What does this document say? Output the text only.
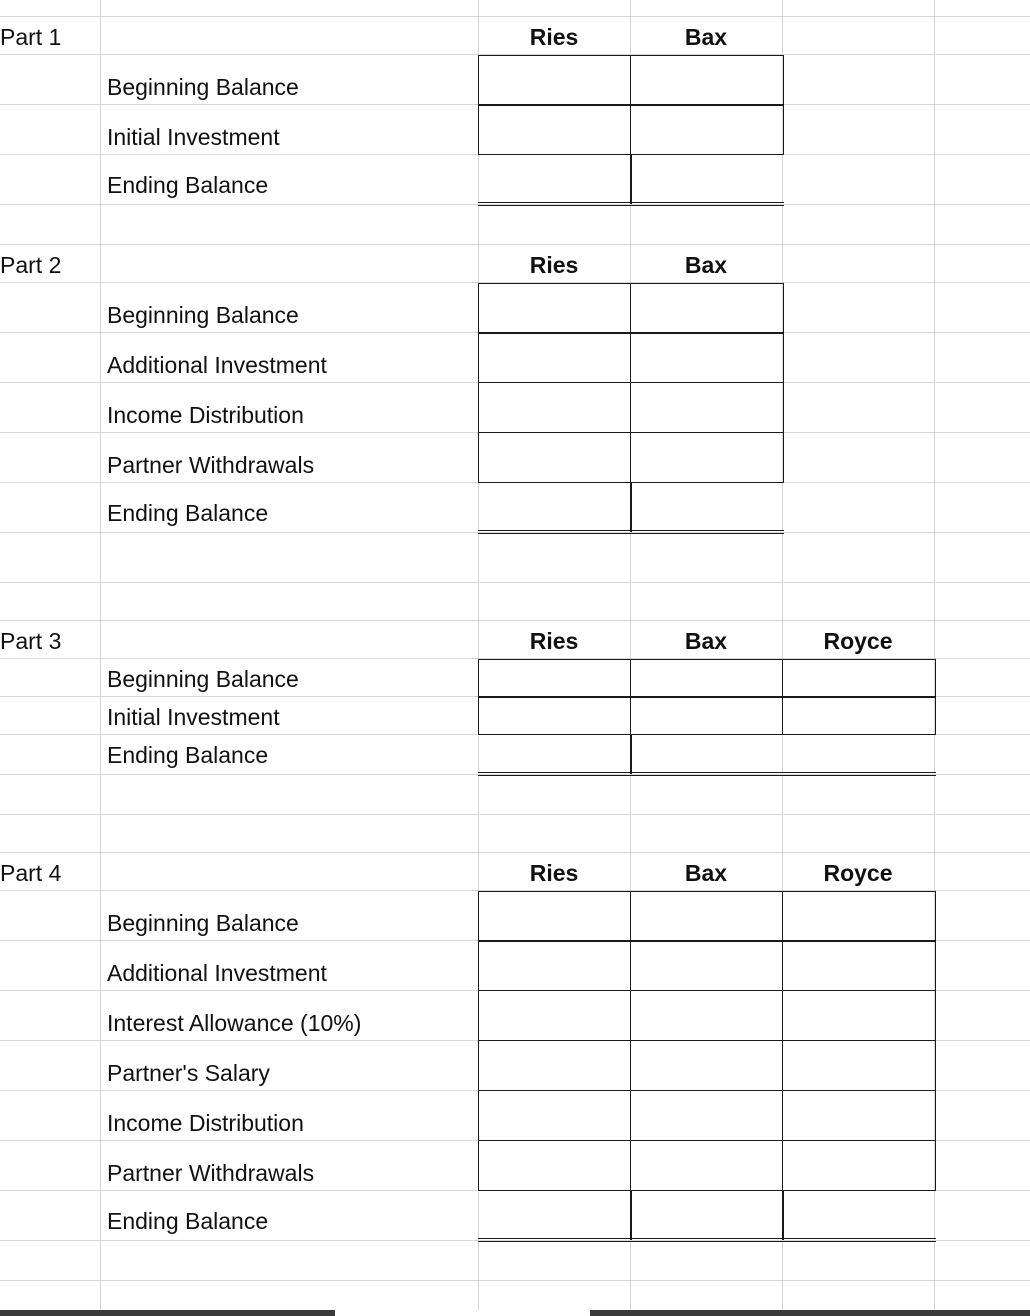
Part 1	Ries	Bax
Beginning Balance
Initial Investment
Ending Balance
Part 2	Ries	Bax
Beginning Balance
Additional Investment
Income Distribution
Partner Withdrawals
Ending Balance
Part 3	Ries	Bax	Royce
Beginning Balance
Initial Investment
Ending Balance
Part 4	Ries	Bax	Royce
Beginning Balance
Additional Investment
Interest Allowance (10%)
Partner's Salary
Income Distribution
Partner Withdrawals
Ending Balance
